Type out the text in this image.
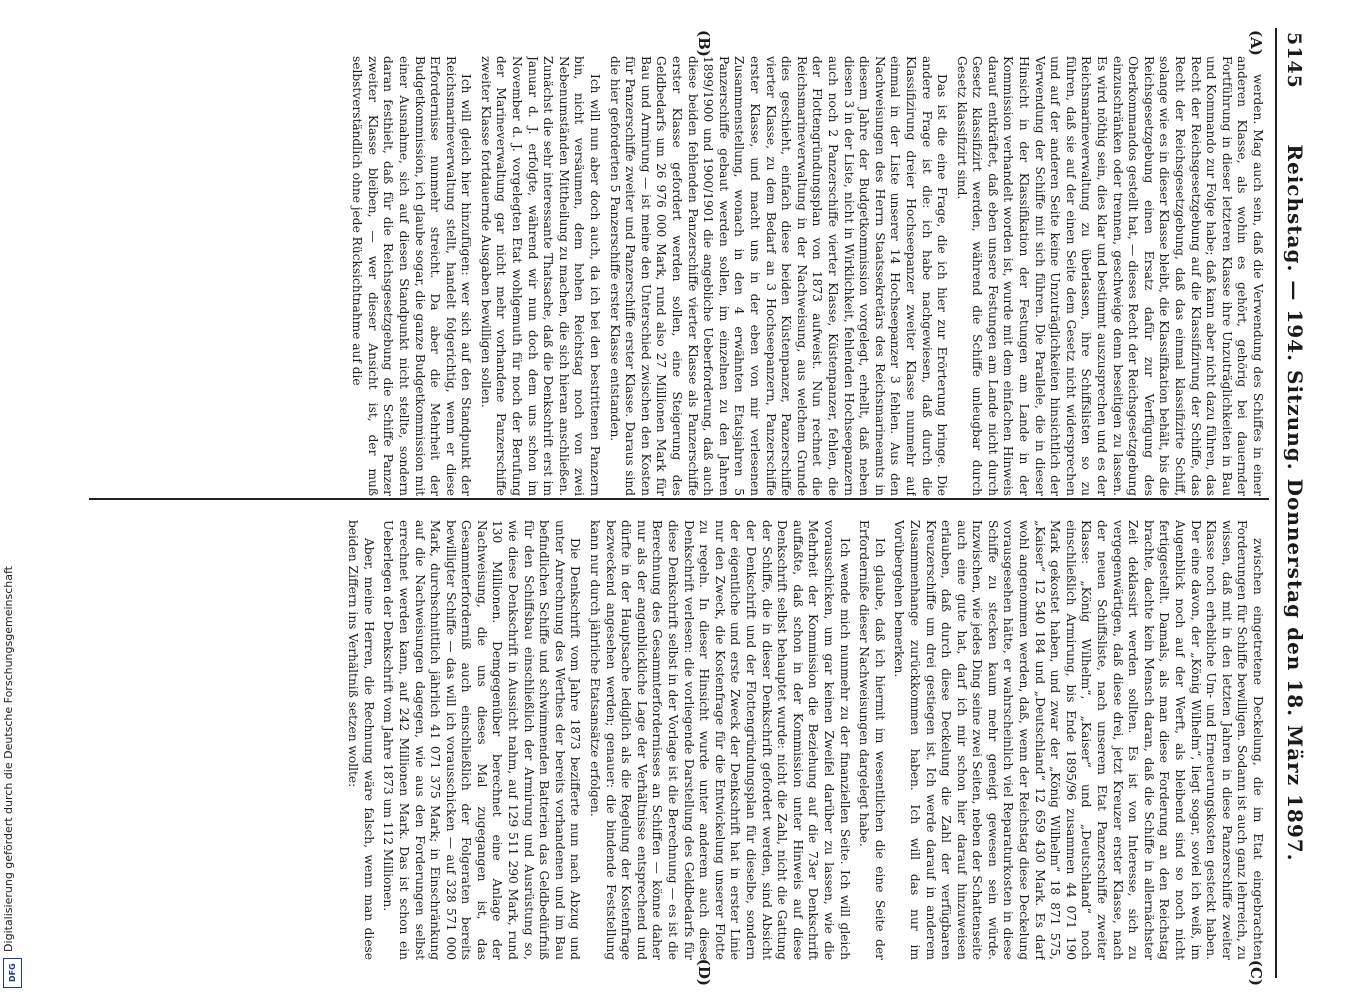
Digitalisierung gefördert durch die Deutsche Forschungsgemeinschaft
DFG
Reichstag. — 194. Sitzung. Donnerstag den 18. März 1897.
5145
(A)
(B)
(C)
(D)

werden. Mag auch sein, daß die Verwendung des Schiffes in einer anderen Klasse, als wohin es gehört, gehörig bei dauernder Fortführung in dieser letzteren Klasse ihre Unzuträglichkeiten in Bau und Kommando zur Folge habe; daß kann aber nicht dazu führen, das Recht der Reichsgesetzgebung auf die Klassifizirung der Schiffe, das Recht der Reichsgesetzgebung, daß das einmal klassifizirte Schiff, solange wie es in dieser Klasse bleibt, die Klassifikation behält, bis die Reichsgesetzgebung einen Ersatz dafür zur Verfügung des Oberkommandos gestellt hat, — dieses Recht der Reichsgesetzgebung einzuschränken oder trennen, geschweige denn beseitigen zu lassen. Es wird nöthig sein, dies klar und bestimmt auszusprechen und es der Reichsmarineverwaltung zu überlassen, ihre Schiffslisten so zu führen, daß sie auf der einen Seite dem Gesetz nicht widersprechen und auf der anderen Seite keine Unzuträglichkeiten hinsichtlich der Verwendung der Schiffe mit sich führen. Die Parallele, die in dieser Hinsicht in der Klassifikation der Festungen am Lande in der Kommission verhandelt worden ist, wurde mit dem einfachen Hinweis darauf entkräftet, daß eben unsere Festungen am Lande nicht durch Gesetz klassifizirt werden, während die Schiffe unleugbar durch Gesetz klassifizirt sind.

Das ist die eine Frage, die ich hier zur Erörterung bringe. Die andere Frage ist die: ich habe nachgewiesen, daß durch die Klassifizirung dreier Hochseepanzer zweiter Klasse nunmehr auf einmal in der Liste unserer 14 Hochseepanzer 3 fehlen. Aus den Nachweisungen des Herrn Staatssekretärs des Reichsmarineamts in diesem Jahre der Budgetkommission vorgelegt, erhellt, daß neben diesen 3 in der Liste, nicht in Wirklichkeit, fehlenden Hochseepanzern auch noch 2 Panzerschiffe vierter Klasse, Küstenpanzer, fehlen, die der Flottengründungsplan von 1873 aufweist. Nun rechnet die Reichsmarineverwaltung in der Nachweisung, aus welchem Grunde dies geschieht, einfach diese beiden Küstenpanzer, Panzerschiffe vierter Klasse, zu dem Bedarf an 3 Hochseepanzern, Panzerschiffe erster Klasse, und macht uns in der eben von mir verlesenen Zusammenstellung, wonach in den 4 erwähnten Etatsjahren 5 Panzerschiffe gebaut werden sollen, im einzelnen zu den Jahren 1899/1900 und 1900/1901 die angebliche Ueberforderung, daß auch diese beiden fehlenden Panzerschiffe vierter Klasse als Panzerschiffe erster Klasse gefordert werden sollen, eine Steigerung des Geldbedarfs um 26 976 000 Mark, rund also 27 Millionen Mark für Bau und Armirung — ist meine den Unterschied zwischen den Kosten für Panzerschiffe zweiter und Panzerschiffe erster Klasse. Daraus sind die hier geforderten 5 Panzerschiffe erster Klasse entstanden.

Ich will nun aber doch auch, da ich bei den bestrittenen Panzern bin, nicht versäumen, dem hohen Reichstag noch von zwei Nebenumständen Mittheilung zu machen, die sich hieran anschließen. Zunächst die sehr interessante Thatsache, daß die Denkschrift erst im Januar d. J. erfolgte, während wir nun doch dem uns schon im November d. J. vorgelegten Etat wohlgemuth für noch der Berufung der Marineverwaltung gar nicht mehr vorhandene Panzerschiffe zweiter Klasse fortdauernde Ausgaben bewilligen sollen.

Ich will gleich hier hinzufügen: wer sich auf den Standpunkt der Reichsmarineverwaltung stellt, handelt folgerichtig, wenn er diese Erfordernisse nunmehr streicht. Da aber die Mehrheit der Budgetkommission, ich glaube sogar, die ganze Budgetkommission mit einer Ausnahme, sich auf diesen Standpunkt nicht stellte, sondern daran festhielt, daß für die Reichsgesetzgebung die Schiffe Panzer zweiter Klasse bleiben, — wer dieser Ansicht ist, der muß selbstverständlich ohne jede Rücksichtnahme auf die

zwischen eingetretene Deckelung, die im Etat eingebrachten Forderungen für Schiffe bewilligen. Sodann ist auch ganz lehrreich, zu wissen, daß mit in den letzten Jahren in diese Panzerschiffe zweiter Klasse noch erhebliche Um- und Erneuerungskosten gesteckt haben. Der eine davon, der „König Wilhelm“, liegt sogar, soviel ich weiß, im Augenblick noch auf der Werft, als bleibend sind so noch nicht fertiggestellt. Damals, als man diese Forderung an den Reichstag brachte, dachte kein Mensch daran, daß die Schiffe in allernächster Zeit deklassirt werden sollten. Es ist von Interesse, sich zu vergegenwärtigen, daß diese drei, jetzt Kreuzer erster Klasse, nach der neuen Schiffsliste, nach unserem Etat Panzerschiffe zweiter Klasse: „König Wilhelm“, „Kaiser“ und „Deutschland“ noch einschließlich Armirung, bis Ende 1895/96 zusammen 44 071 190 Mark gekostet haben, und zwar der „König Wilhelm“ 18 871 575, „Kaiser“ 12 540 184 und „Deutschland“ 12 659 430 Mark. Es darf wohl angenommen werden, daß, wenn der Reichstag diese Deckelung vorausgesehen hätte, er wahrscheinlich viel Reparaturkosten in diese Schiffe zu stecken kaum mehr geneigt gewesen sein würde. Inzwischen, wie jedes Ding seine zwei Seiten, neben der Schattenseite auch eine gute hat, darf ich mir schon hier darauf hinzuweisen erlauben, daß durch diese Deckelung die Zahl der verfügbaren Kreuzerschiffe um drei gestiegen ist. Ich werde darauf in anderem Zusammenhange zurückkommen haben. Ich will das nur im Vorübergehen bemerken.

Ich glaube, daß ich hiermit im wesentlichen die eine Seite der Erforderniße dieser Nachweisungen dargelegt habe.

Ich wende mich nunmehr zu der finanziellen Seite. Ich will gleich vorausschicken, um gar keinen Zweifel darüber zu lassen, wie die Mehrheit der Kommission die Beziehung auf die 73er Denkschrift auffaßte, daß schon in der Kommission unter Hinweis auf diese Denkschrift selbst behauptet wurde: nicht die Zahl, nicht die Gattung der Schiffe, die in dieser Denkschrift gefordert werden, sind Absicht der Denkschrift und der Flottengründungsplan für dieselbe, sondern der eigentliche und erste Zweck der Denkschrift hat in erster Linie nur den Zweck, die Kostenfrage für die Entwickelung unserer Flotte zu regeln. In dieser Hinsicht wurde unter anderem auch diese Denkschrift verlesen: die vorliegende Darstellung des Geldbedarfs für diese Denkschrift selbst in der Vorlage ist die Berechnung — es ist die Berechnung des Gesammterfordernisses an Schiffen — könne daher nur als der angenblickliche Lage der Verhältnisse entsprechend und dürfte in der Hauptsache lediglich als die Regelung der Kostenfrage bezweckend angesehen werden; genauer: die bindende Feststellung kann nur durch jährliche Etatsansätze erfolgen.

Die Denkschrift vom Jahre 1873 bezifferte nun nach Abzug und unter Anrechnung des Werthes der bereits vorhandenen und im Bau befindlichen Schiffe und schwimmenden Batterien das Geldbedürfniß für den Schiffsbau einschließlich der Armirung und Ausrüstung so, wie diese Denkschrift in Aussicht nahm, auf 129 511 290 Mark, rund 130 Millionen. Demgegenüber berechnet eine Anlage der Nachweisung, die uns dieses Mal zugegangen ist, das Gesammterforderniß auch einschließlich der Folgeraten bereits bewilligter Schiffe — das will ich vorausschicken — auf 328 571 000 Mark, durchschnittlich jährlich 41 071 375 Mark; in Einschränkung auf die Nachweisungen dagegen, wie aus den Forderungen selbst errechnet werden kann, auf 242 Millionen Mark. Das ist schon ein Ueberlegen der Denkschrift vom Jahre 1873 um 112 Millionen.

Aber, meine Herren, die Rechnung wäre falsch, wenn man diese beiden Ziffern ins Verhältniß setzen wollte:
